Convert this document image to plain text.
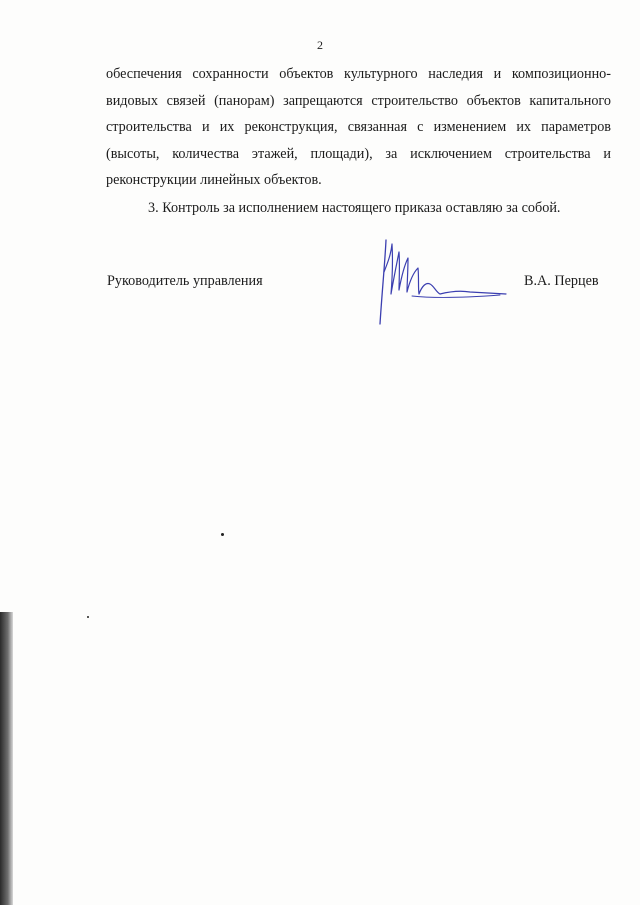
2

обеспечения сохранности объектов культурного наследия и композиционно-видовых связей (панорам) запрещаются строительство объектов капитального строительства и их реконструкция, связанная с изменением их параметров (высоты, количества этажей, площади), за исключением строительства и реконструкции линейных объектов.

3. Контроль за исполнением настоящего приказа оставляю за собой.

Руководитель управления	В.А. Перцев
